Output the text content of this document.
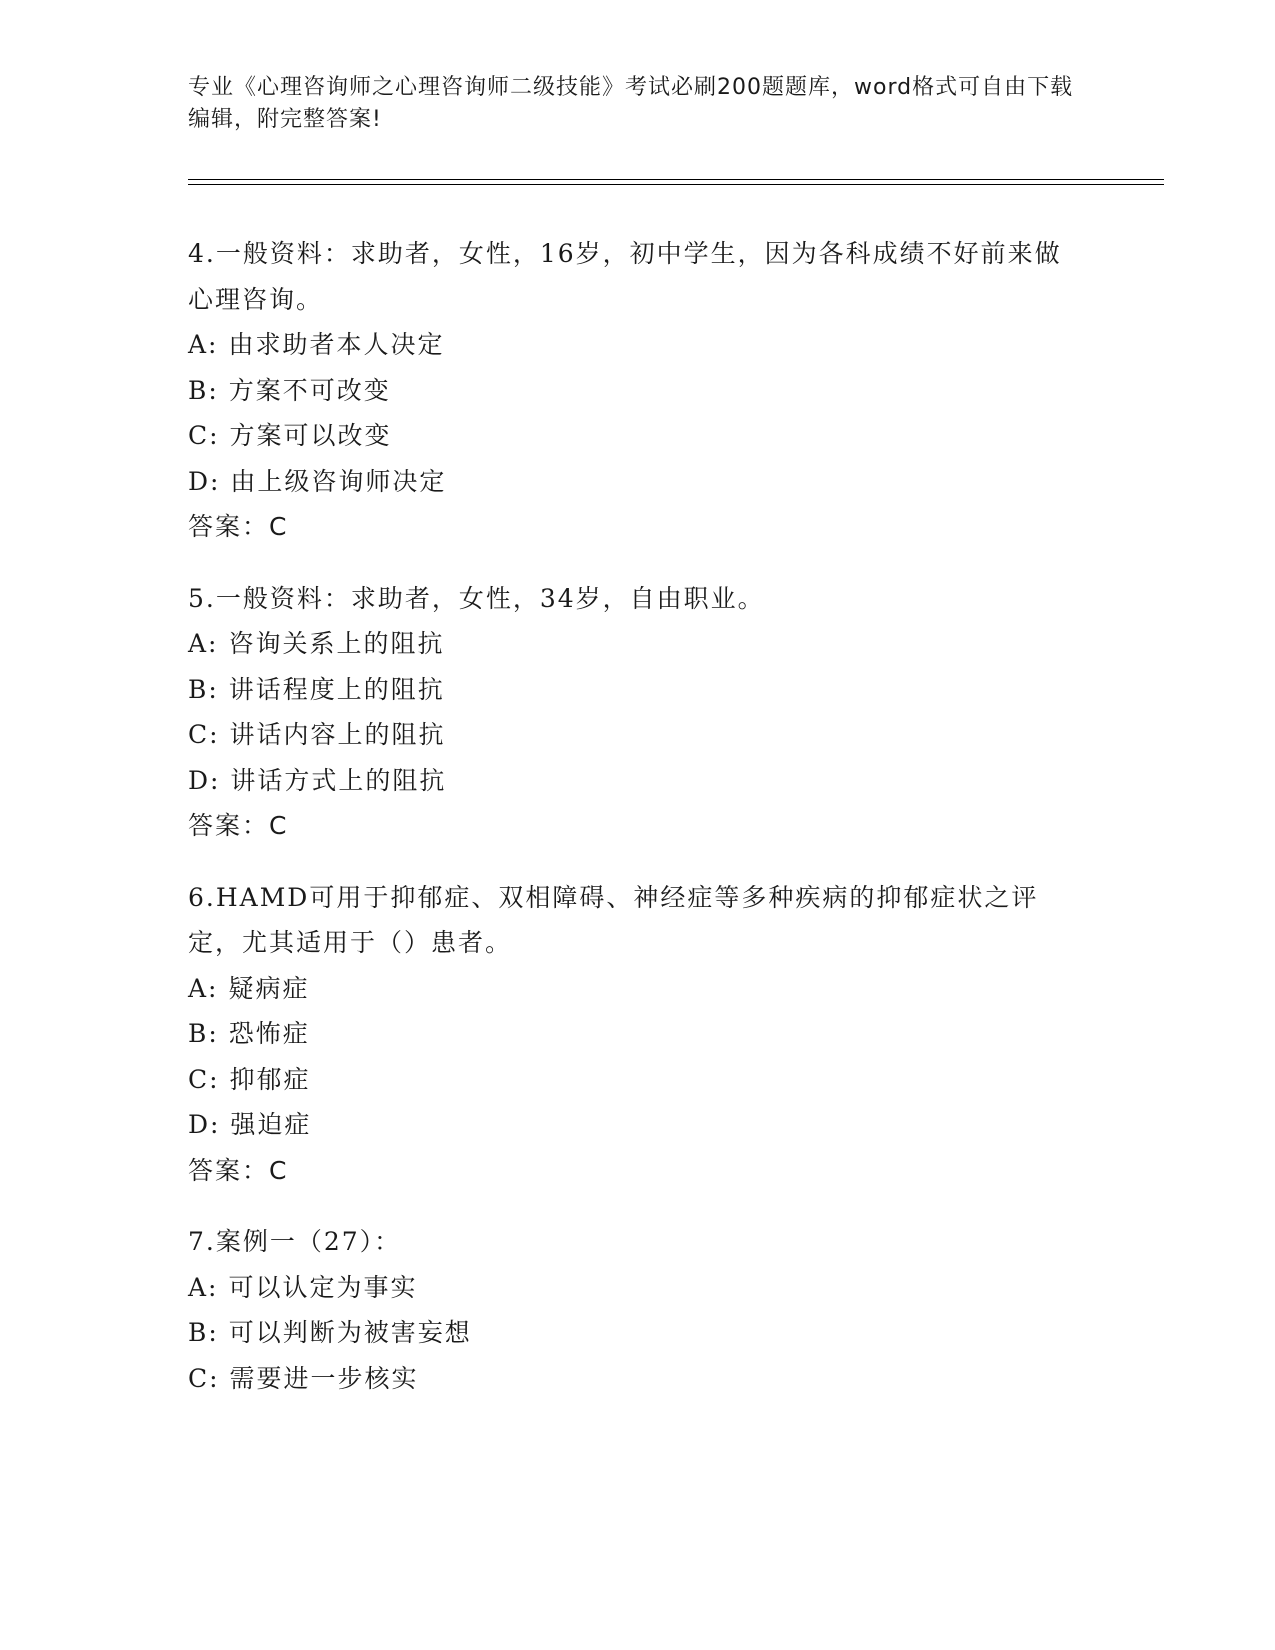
专业《心理咨询师之心理咨询师二级技能》考试必刷200题题库，word格式可自由下载编辑，附完整答案!
4.一般资料：求助者，女性，16岁，初中学生，因为各科成绩不好前来做心理咨询。
A: 由求助者本人决定
B: 方案不可改变
C: 方案可以改变
D: 由上级咨询师决定
答案：C
5.一般资料：求助者，女性，34岁，自由职业。
A: 咨询关系上的阻抗
B: 讲话程度上的阻抗
C: 讲话内容上的阻抗
D: 讲话方式上的阻抗
答案：C
6.HAMD可用于抑郁症、双相障碍、神经症等多种疾病的抑郁症状之评定，尤其适用于（）患者。
A: 疑病症
B: 恐怖症
C: 抑郁症
D: 强迫症
答案：C
7.案例一（27）：
A: 可以认定为事实
B: 可以判断为被害妄想
C: 需要进一步核实
